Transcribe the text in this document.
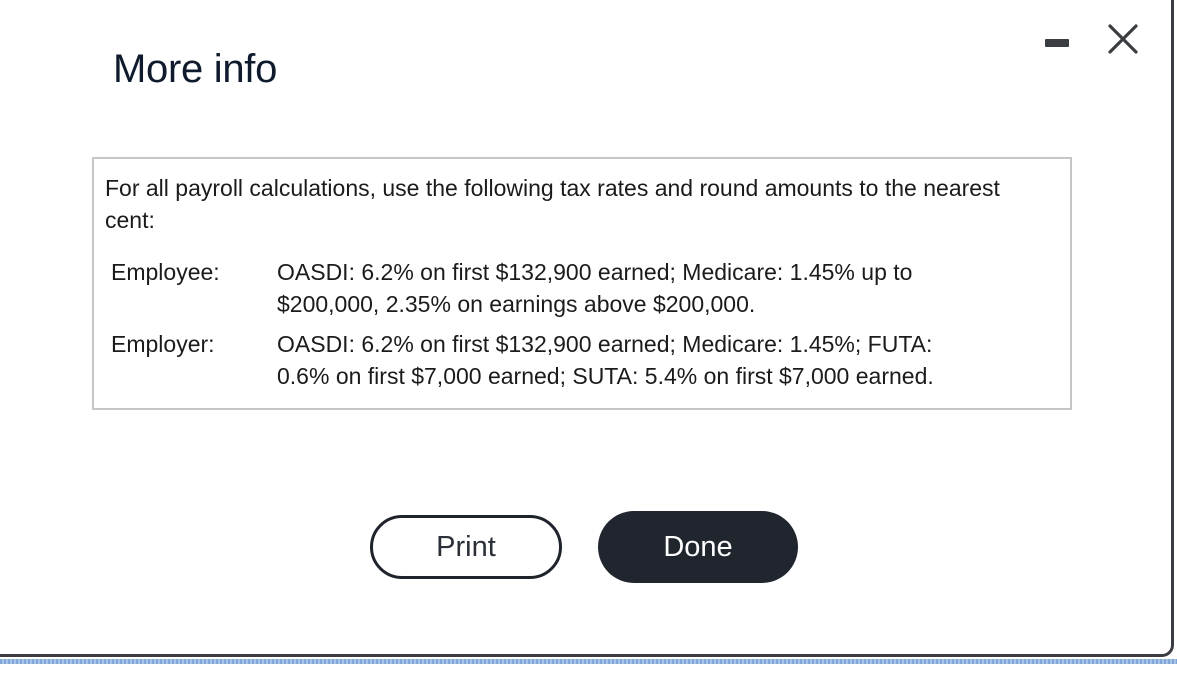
More info

For all payroll calculations, use the following tax rates and round amounts to the nearest cent:

Employee: OASDI: 6.2% on first $132,900 earned; Medicare: 1.45% up to
$200,000, 2.35% on earnings above $200,000.
Employer:	OASDI: 6.2% on first $132,900 earned; Medicare: 1.45%; FUTA:
0.6% on first $7,000 earned; SUTA: 5.4% on first $7,000 earned.
Print	Done
